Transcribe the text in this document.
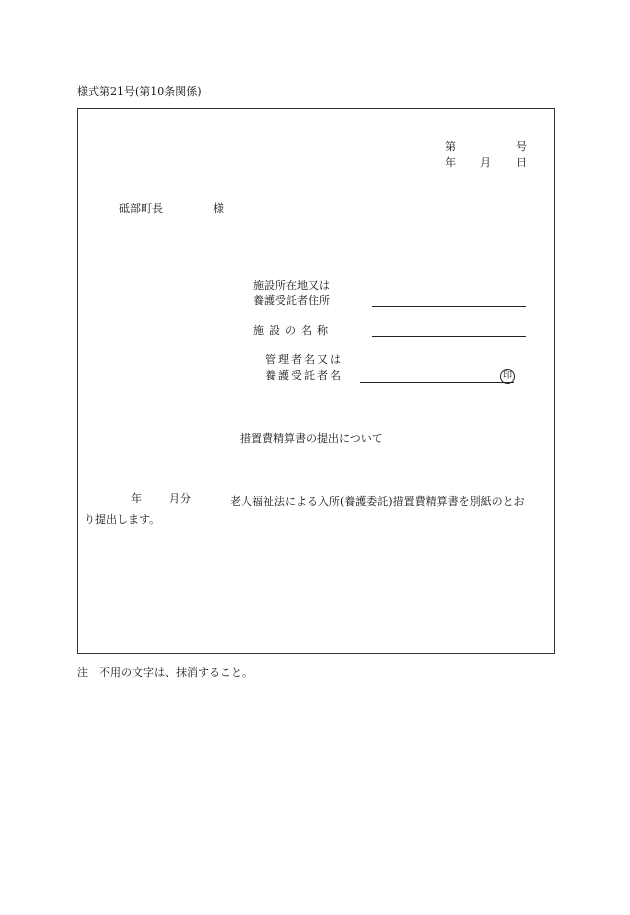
様式第21号(第10条関係)
第	号
年 月 日
砥部町長	様
施設所在地又は
養護受託者住所
施設の名称
管理者名又は
養護受託者名	印
措置費精算書の提出について
年 月分	老人福祉法による入所(養護委託)措置費精算書を別紙のとお
り提出します。
注　不用の文字は、抹消すること。
